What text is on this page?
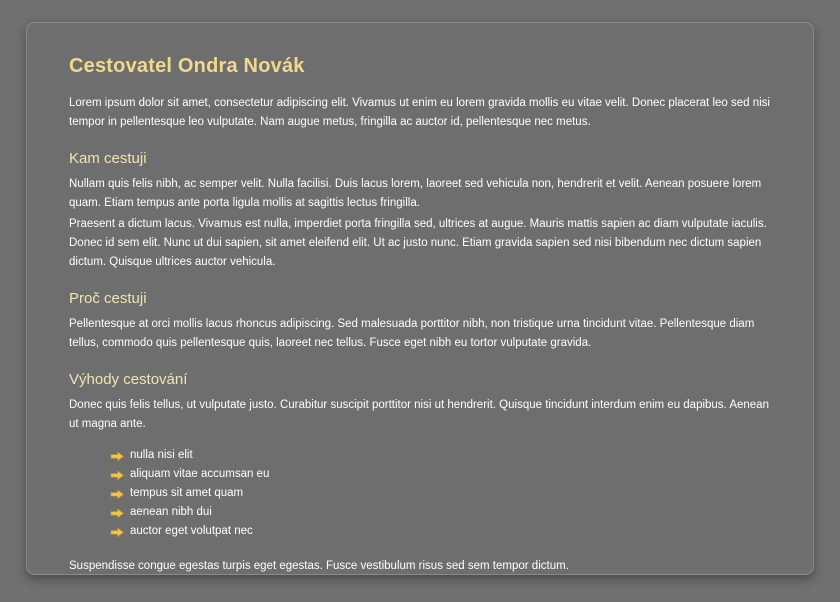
Cestovatel Ondra Novák

Lorem ipsum dolor sit amet, consectetur adipiscing elit. Vivamus ut enim eu lorem gravida mollis eu vitae velit. Donec placerat leo sed nisi tempor in pellentesque leo vulputate. Nam augue metus, fringilla ac auctor id, pellentesque nec metus.

Kam cestuji

Nullam quis felis nibh, ac semper velit. Nulla facilisi. Duis lacus lorem, laoreet sed vehicula non, hendrerit et velit. Aenean posuere lorem quam. Etiam tempus ante porta ligula mollis at sagittis lectus fringilla.

Praesent a dictum lacus. Vivamus est nulla, imperdiet porta fringilla sed, ultrices at augue. Mauris mattis sapien ac diam vulputate iaculis. Donec id sem elit. Nunc ut dui sapien, sit amet eleifend elit. Ut ac justo nunc. Etiam gravida sapien sed nisi bibendum nec dictum sapien dictum. Quisque ultrices auctor vehicula.

Proč cestuji

Pellentesque at orci mollis lacus rhoncus adipiscing. Sed malesuada porttitor nibh, non tristique urna tincidunt vitae. Pellentesque diam tellus, commodo quis pellentesque quis, laoreet nec tellus. Fusce eget nibh eu tortor vulputate gravida.

Výhody cestování

Donec quis felis tellus, ut vulputate justo. Curabitur suscipit porttitor nisi ut hendrerit. Quisque tincidunt interdum enim eu dapibus. Aenean ut magna ante.

nulla nisi elit
aliquam vitae accumsan eu
tempus sit amet quam
aenean nibh dui
auctor eget volutpat nec

Suspendisse congue egestas turpis eget egestas. Fusce vestibulum risus sed sem tempor dictum.
